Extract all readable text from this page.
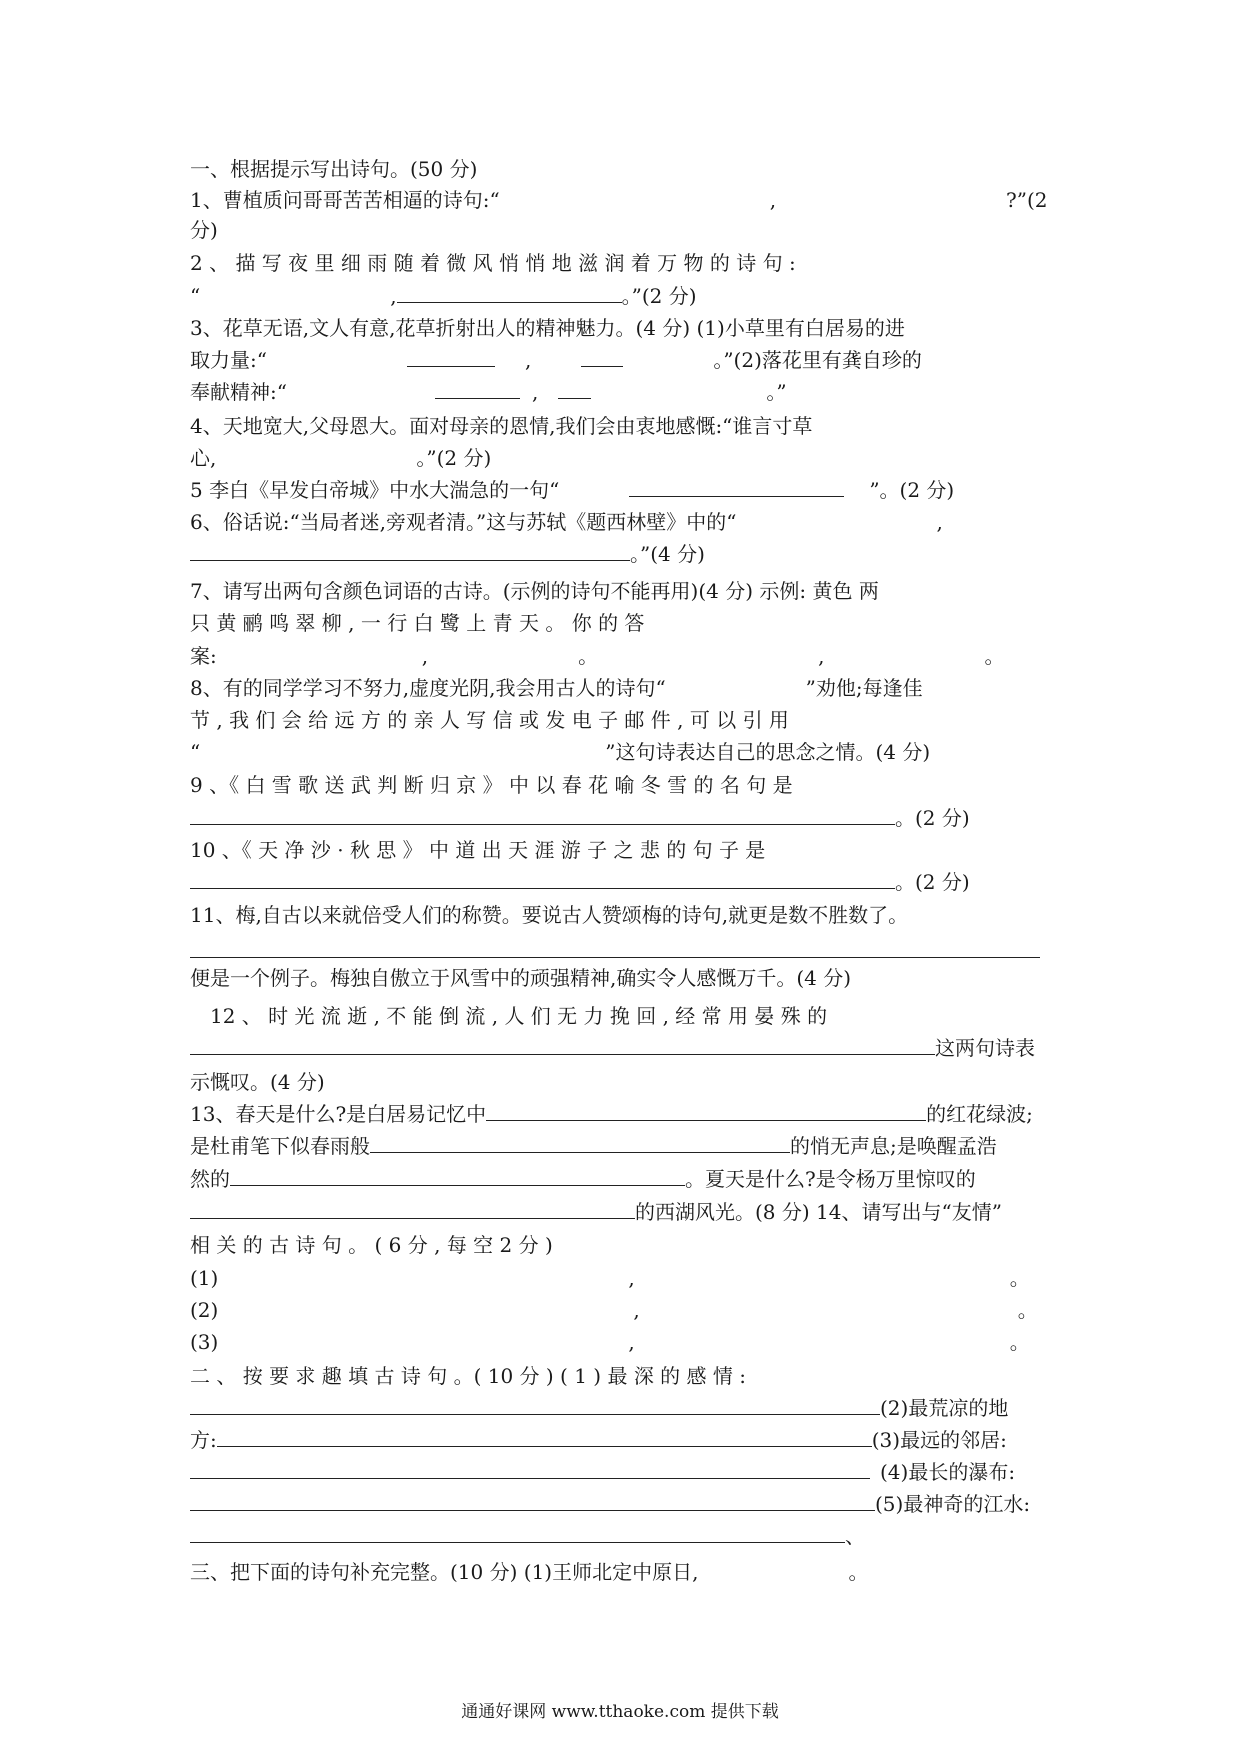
一、根据提示写出诗句。(50 分)
1、曹植质问哥哥苦苦相逼的诗句:“	,	?”(2
分)
2 、 描 写 夜 里 细 雨 随 着 微 风 悄 悄 地 滋 润 着 万 物 的 诗 句 :
“	,	。”(2 分)
3、花草无语,文人有意,花草折射出人的精神魅力。(4 分) (1)小草里有白居易的进
取力量:“	,	。”(2)落花里有龚自珍的
奉献精神:“	,	。”
4、天地宽大,父母恩大。面对母亲的恩情,我们会由衷地感慨:“谁言寸草
心,	。”(2 分)
5 李白《早发白帝城》中水大湍急的一句“	”。(2 分)
6、俗话说:“当局者迷,旁观者清。”这与苏轼《题西林壁》中的“	,
。”(4 分)
7、请写出两句含颜色词语的古诗。(示例的诗句不能再用)(4 分) 示例: 黄色 两
只 黄 鹂 鸣 翠 柳 , 一 行 白 鹭 上 青 天 。 你 的 答
案:	,	。	,	。
8、有的同学学习不努力,虚度光阴,我会用古人的诗句“	”劝他;每逢佳
节 , 我 们 会 给 远 方 的 亲 人 写 信 或 发 电 子 邮 件 , 可 以 引 用
“	”这句诗表达自己的思念之情。(4 分)
9 、《 白 雪 歌 送 武 判 断 归 京 》 中 以 春 花 喻 冬 雪 的 名 句 是
。(2 分)
10 、《 天 净 沙 · 秋 思 》 中 道 出 天 涯 游 子 之 悲 的 句 子 是
。(2 分)
11、梅,自古以来就倍受人们的称赞。要说古人赞颂梅的诗句,就更是数不胜数了。
便是一个例子。梅独自傲立于风雪中的顽强精神,确实令人感慨万千。(4 分)
12 、 时 光 流 逝 , 不 能 倒 流 , 人 们 无 力 挽 回 , 经 常 用 晏 殊 的
这两句诗表
示慨叹。(4 分)
13、春天是什么?是白居易记忆中	的红花绿波;
是杜甫笔下似春雨般	的悄无声息;是唤醒孟浩
然的	。夏天是什么?是令杨万里惊叹的
的西湖风光。(8 分) 14、请写出与“友情”
相 关 的 古 诗 句 。 ( 6 分 , 每 空 2 分 )
(1)	,	。
(2)	,	。
(3)	,	。
二 、 按 要 求 趣 填 古 诗 句 。( 10 分 ) ( 1 ) 最 深 的 感 情 :
(2)最荒凉的地
方:	(3)最远的邻居:
(4)最长的瀑布:
(5)最神奇的江水:
、
三、把下面的诗句补充完整。(10 分) (1)王师北定中原日,	。
通通好课网 www.tthaoke.com 提供下载
